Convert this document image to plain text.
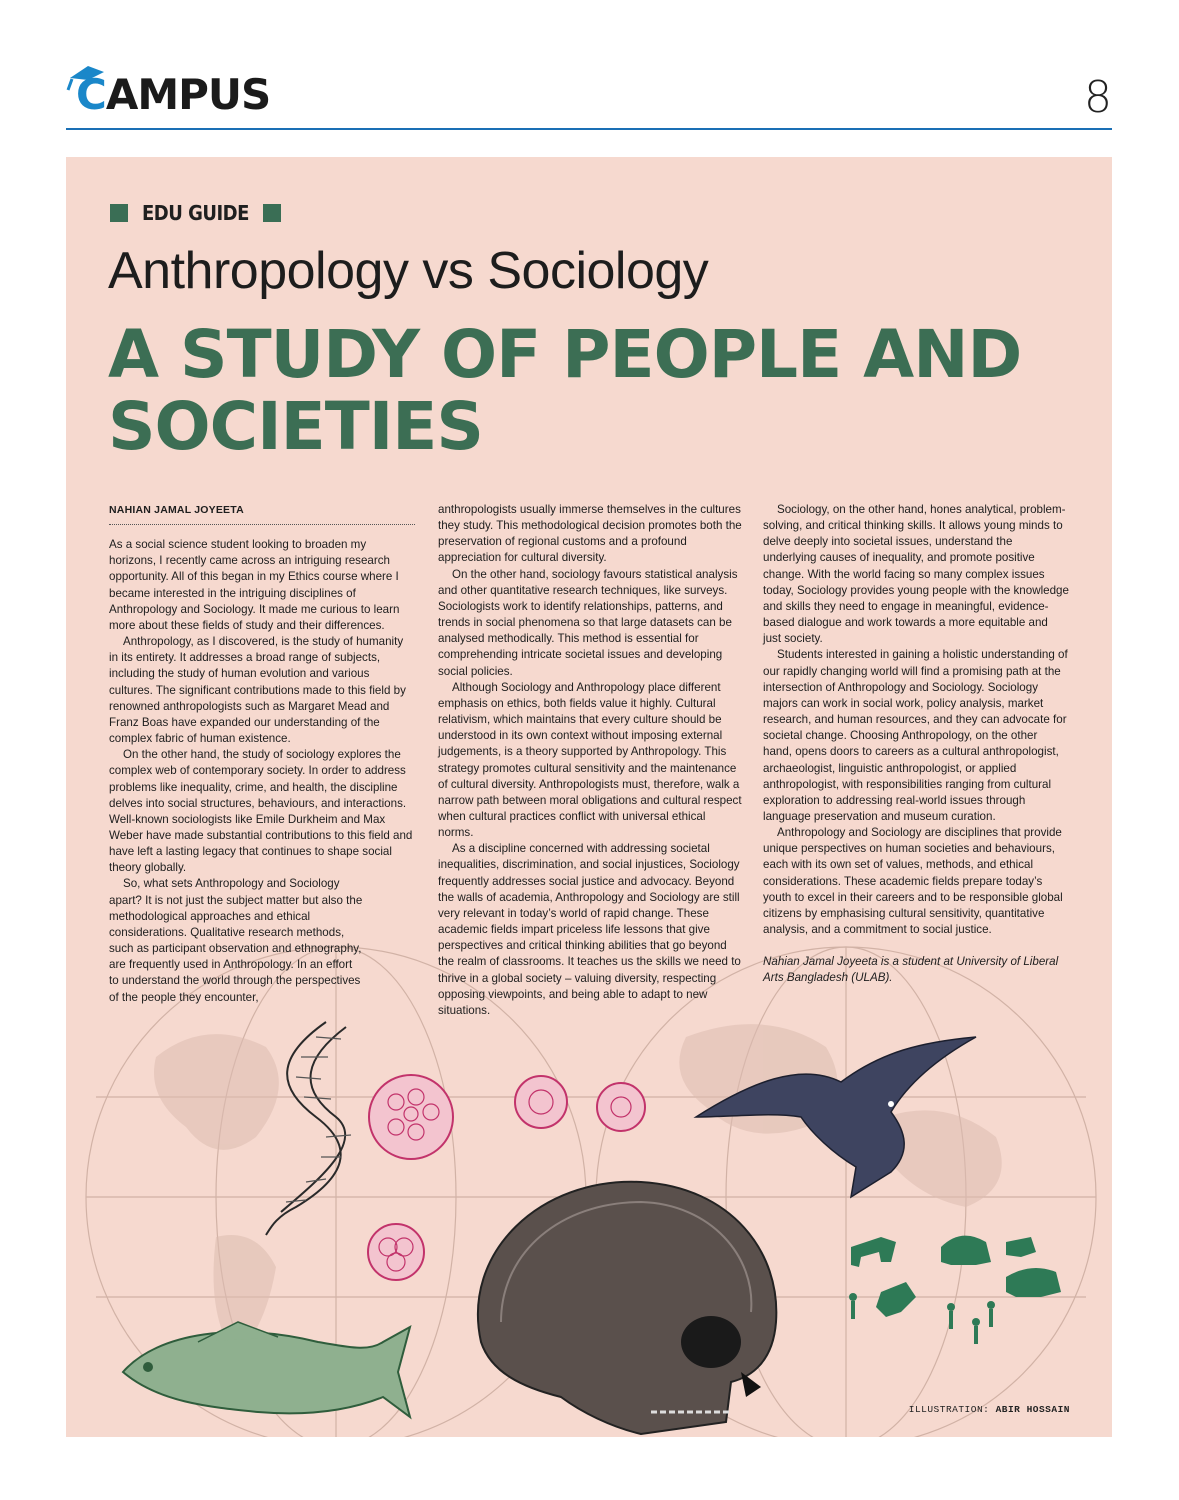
CAMPUS	8
EDU GUIDE
Anthropology vs Sociology
A STUDY OF PEOPLE AND SOCIETIES
NAHIAN JAMAL JOYEETA

As a social science student looking to broaden my horizons, I recently came across an intriguing research opportunity. All of this began in my Ethics course where I became interested in the intriguing disciplines of Anthropology and Sociology. It made me curious to learn more about these fields of study and their differences.

Anthropology, as I discovered, is the study of humanity in its entirety. It addresses a broad range of subjects, including the study of human evolution and various cultures. The significant contributions made to this field by renowned anthropologists such as Margaret Mead and Franz Boas have expanded our understanding of the complex fabric of human existence.

On the other hand, the study of sociology explores the complex web of contemporary society. In order to address problems like inequality, crime, and health, the discipline delves into social structures, behaviours, and interactions. Well-known sociologists like Emile Durkheim and Max Weber have made substantial contributions to this field and have left a lasting legacy that continues to shape social theory globally.

So, what sets Anthropology and Sociology apart? It is not just the subject matter but also the methodological approaches and ethical considerations. Qualitative research methods, such as participant observation and ethnography, are frequently used in Anthropology. In an effort to understand the world through the perspectives of the people they encounter,

anthropologists usually immerse themselves in the cultures they study. This methodological decision promotes both the preservation of regional customs and a profound appreciation for cultural diversity.

On the other hand, sociology favours statistical analysis and other quantitative research techniques, like surveys. Sociologists work to identify relationships, patterns, and trends in social phenomena so that large datasets can be analysed methodically. This method is essential for comprehending intricate societal issues and developing social policies.

Although Sociology and Anthropology place different emphasis on ethics, both fields value it highly. Cultural relativism, which maintains that every culture should be understood in its own context without imposing external judgements, is a theory supported by Anthropology. This strategy promotes cultural sensitivity and the maintenance of cultural diversity. Anthropologists must, therefore, walk a narrow path between moral obligations and cultural respect when cultural practices conflict with universal ethical norms.

As a discipline concerned with addressing societal inequalities, discrimination, and social injustices, Sociology frequently addresses social justice and advocacy. Beyond the walls of academia, Anthropology and Sociology are still very relevant in today’s world of rapid change. These academic fields impart priceless life lessons that give perspectives and critical thinking abilities that go beyond the realm of classrooms. It teaches us the skills we need to thrive in a global society – valuing diversity, respecting opposing viewpoints, and being able to adapt to new situations.

Sociology, on the other hand, hones analytical, problem-solving, and critical thinking skills. It allows young minds to delve deeply into societal issues, understand the underlying causes of inequality, and promote positive change. With the world facing so many complex issues today, Sociology provides young people with the knowledge and skills they need to engage in meaningful, evidence-based dialogue and work towards a more equitable and just society.

Students interested in gaining a holistic understanding of our rapidly changing world will find a promising path at the intersection of Anthropology and Sociology. Sociology majors can work in social work, policy analysis, market research, and human resources, and they can advocate for societal change. Choosing Anthropology, on the other hand, opens doors to careers as a cultural anthropologist, archaeologist, linguistic anthropologist, or applied anthropologist, with responsibilities ranging from cultural exploration to addressing real-world issues through language preservation and museum curation.

Anthropology and Sociology are disciplines that provide unique perspectives on human societies and behaviours, each with its own set of values, methods, and ethical considerations. These academic fields prepare today’s youth to excel in their careers and to be responsible global citizens by emphasising cultural sensitivity, quantitative analysis, and a commitment to social justice.

Nahian Jamal Joyeeta is a student at University of Liberal Arts Bangladesh (ULAB).

ILLUSTRATION: ABIR HOSSAIN
